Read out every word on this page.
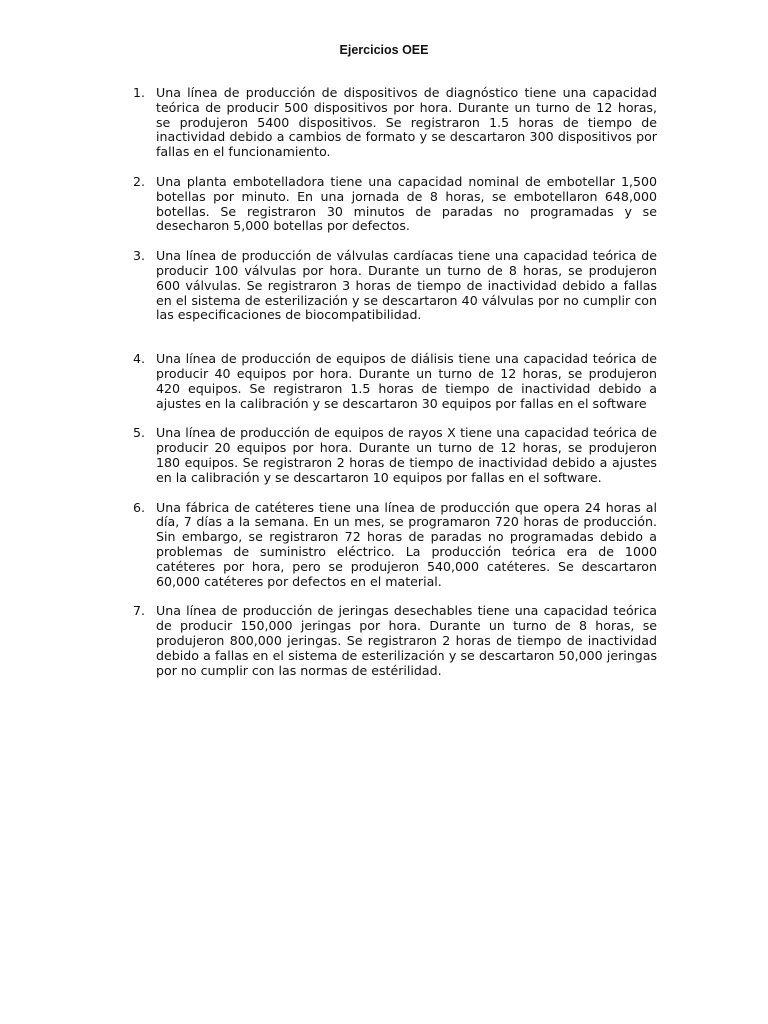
Ejercicios OEE
1. Una línea de producción de dispositivos de diagnóstico tiene una capacidad teórica de producir 500 dispositivos por hora. Durante un turno de 12 horas, se produjeron 5400 dispositivos. Se registraron 1.5 horas de tiempo de inactividad debido a cambios de formato y se descartaron 300 dispositivos por fallas en el funcionamiento.
2. Una planta embotelladora tiene una capacidad nominal de embotellar 1,500 botellas por minuto. En una jornada de 8 horas, se embotellaron 648,000 botellas. Se registraron 30 minutos de paradas no programadas y se desecharon 5,000 botellas por defectos.
3. Una línea de producción de válvulas cardíacas tiene una capacidad teórica de producir 100 válvulas por hora. Durante un turno de 8 horas, se produjeron 600 válvulas. Se registraron 3 horas de tiempo de inactividad debido a fallas en el sistema de esterilización y se descartaron 40 válvulas por no cumplir con las especificaciones de biocompatibilidad.
4. Una línea de producción de equipos de diálisis tiene una capacidad teórica de producir 40 equipos por hora. Durante un turno de 12 horas, se produjeron 420 equipos. Se registraron 1.5 horas de tiempo de inactividad debido a ajustes en la calibración y se descartaron 30 equipos por fallas en el software
5. Una línea de producción de equipos de rayos X tiene una capacidad teórica de producir 20 equipos por hora. Durante un turno de 12 horas, se produjeron 180 equipos. Se registraron 2 horas de tiempo de inactividad debido a ajustes en la calibración y se descartaron 10 equipos por fallas en el software.
6. Una fábrica de catéteres tiene una línea de producción que opera 24 horas al día, 7 días a la semana. En un mes, se programaron 720 horas de producción. Sin embargo, se registraron 72 horas de paradas no programadas debido a problemas de suministro eléctrico. La producción teórica era de 1000 catéteres por hora, pero se produjeron 540,000 catéteres. Se descartaron 60,000 catéteres por defectos en el material.
7. Una línea de producción de jeringas desechables tiene una capacidad teórica de producir 150,000 jeringas por hora. Durante un turno de 8 horas, se produjeron 800,000 jeringas. Se registraron 2 horas de tiempo de inactividad debido a fallas en el sistema de esterilización y se descartaron 50,000 jeringas por no cumplir con las normas de estérilidad.
